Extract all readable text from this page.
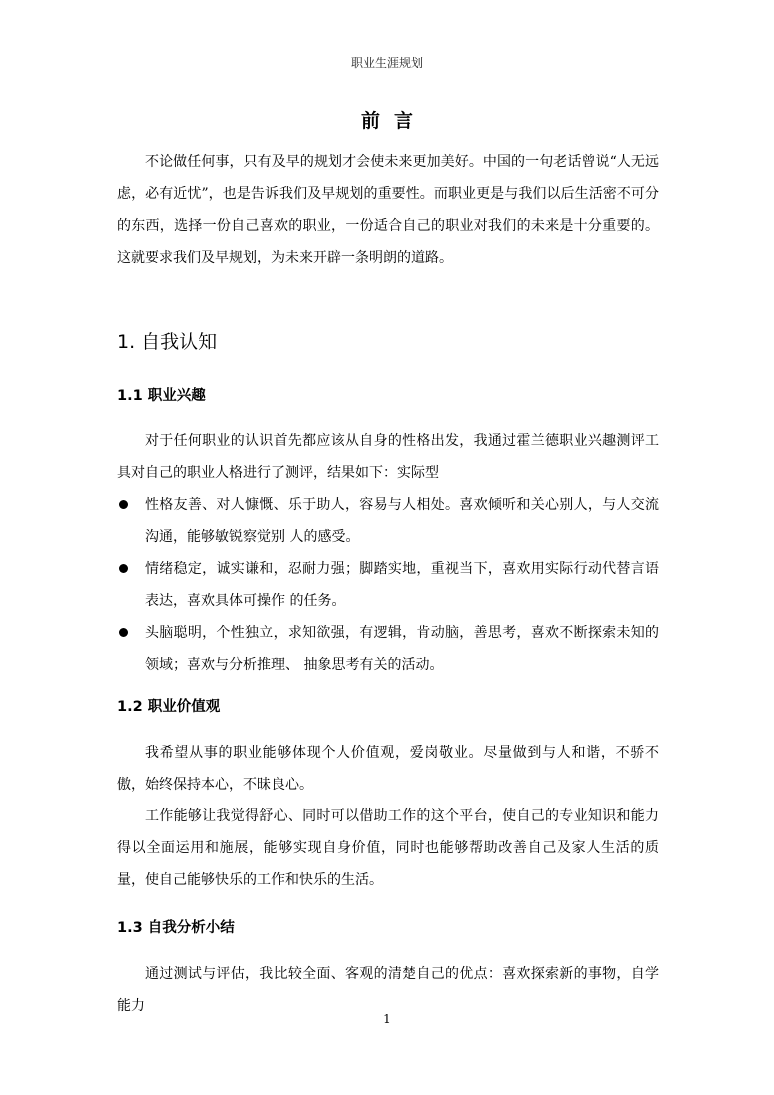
职业生涯规划
前言

不论做任何事，只有及早的规划才会使未来更加美好。中国的一句老话曾说“人无远虑，必有近忧”，也是告诉我们及早规划的重要性。而职业更是与我们以后生活密不可分的东西，选择一份自己喜欢的职业，一份适合自己的职业对我们的未来是十分重要的。这就要求我们及早规划，为未来开辟一条明朗的道路。

1. 自我认知
1.1 职业兴趣

对于任何职业的认识首先都应该从自身的性格出发，我通过霍兰德职业兴趣测评工具对自己的职业人格进行了测评，结果如下：实际型

性格友善、对人慷慨、乐于助人，容易与人相处。喜欢倾听和关心别人，与人交流沟通，能够敏锐察觉别 人的感受。
情绪稳定，诚实谦和，忍耐力强；脚踏实地，重视当下，喜欢用实际行动代替言语表达，喜欢具体可操作 的任务。
头脑聪明，个性独立，求知欲强，有逻辑，肯动脑，善思考，喜欢不断探索未知的领域；喜欢与分析推理、 抽象思考有关的活动。
1.2 职业价值观

我希望从事的职业能够体现个人价值观，爱岗敬业。尽量做到与人和谐，不骄不傲，始终保持本心，不昧良心。

工作能够让我觉得舒心、同时可以借助工作的这个平台，使自己的专业知识和能力得以全面运用和施展，能够实现自身价值，同时也能够帮助改善自己及家人生活的质量，使自己能够快乐的工作和快乐的生活。

1.3 自我分析小结

通过测试与评估，我比较全面、客观的清楚自己的优点：喜欢探索新的事物，自学能力

1
